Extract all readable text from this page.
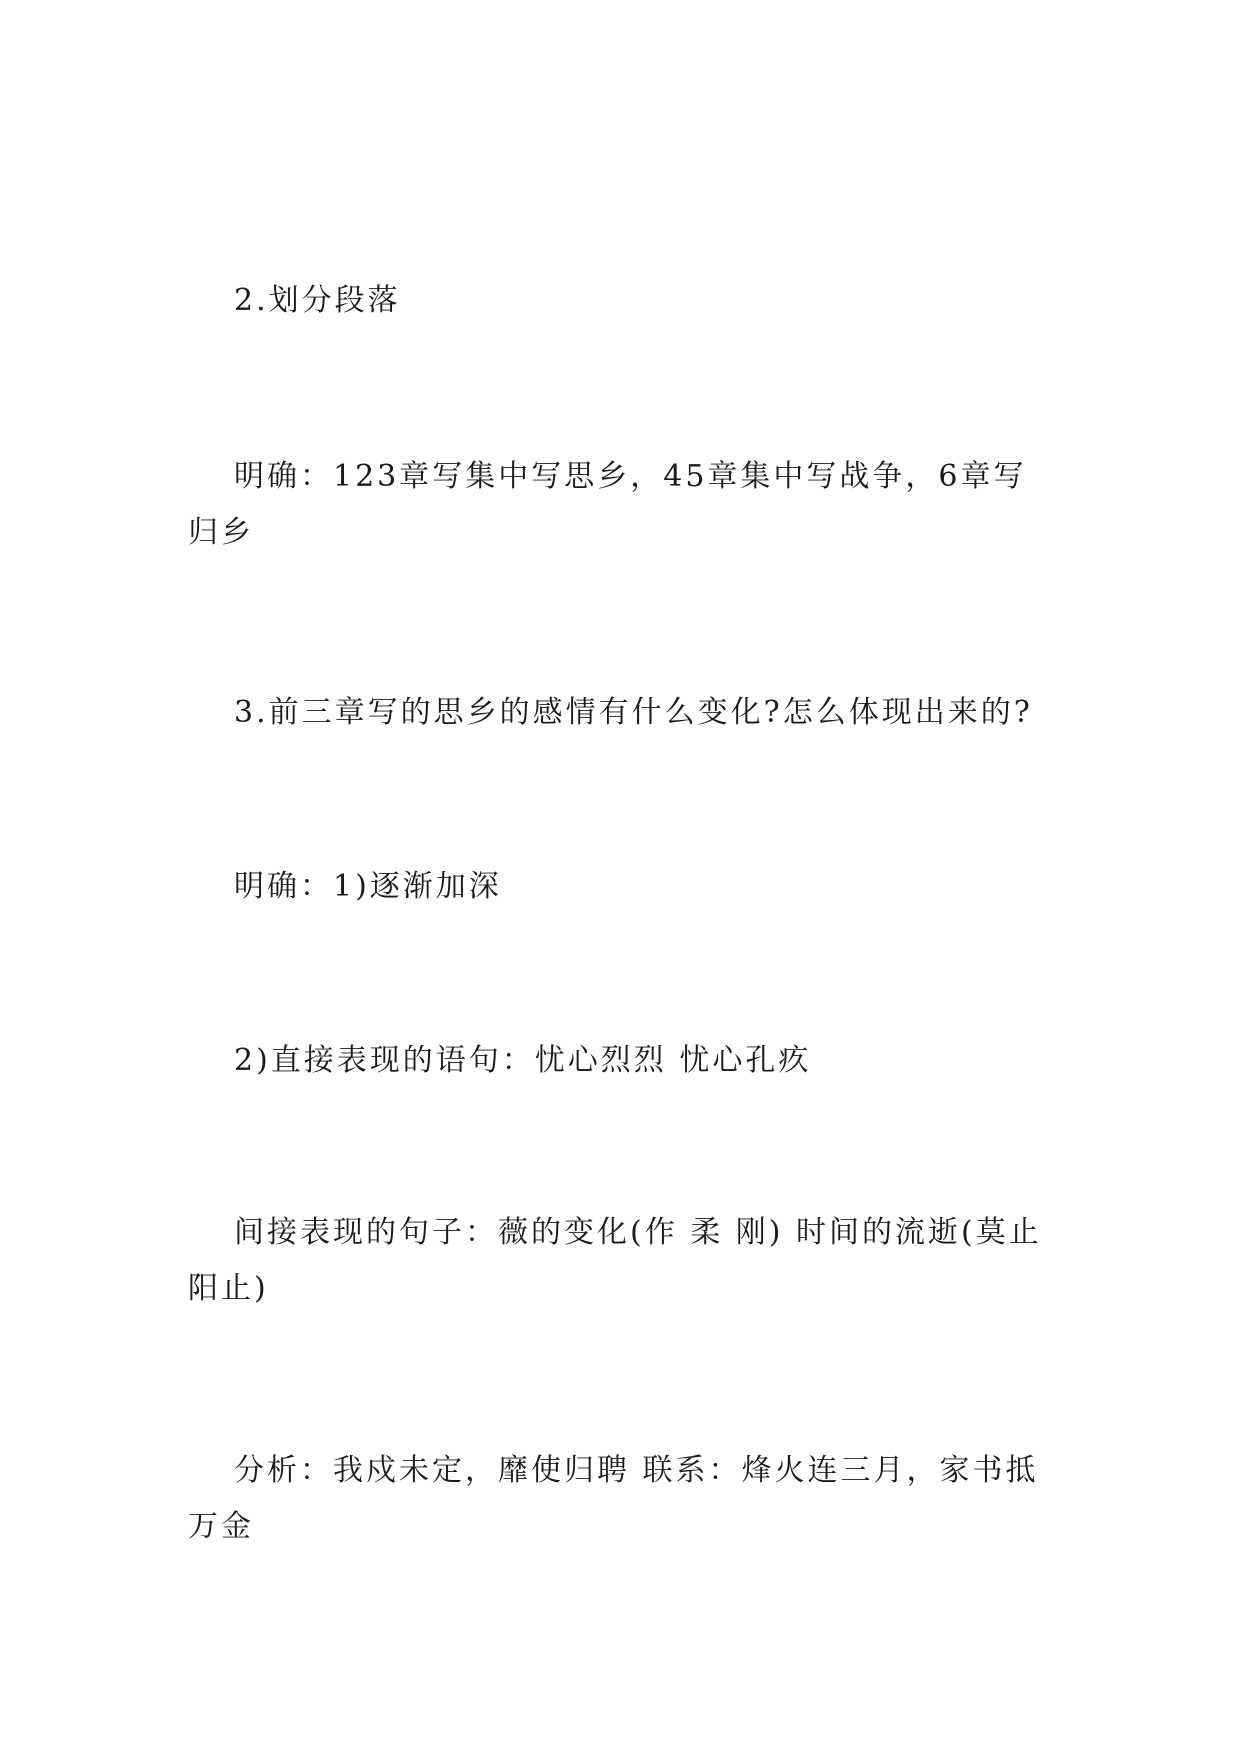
2.划分段落

明确：123章写集中写思乡，45章集中写战争，6章写归乡

3.前三章写的思乡的感情有什么变化?怎么体现出来的?

明确：1)逐渐加深

2)直接表现的语句：忧心烈烈 忧心孔疚

间接表现的句子：薇的变化(作 柔 刚) 时间的流逝(莫止阳止)

分析：我戍未定，靡使归聘 联系：烽火连三月，家书抵万金
